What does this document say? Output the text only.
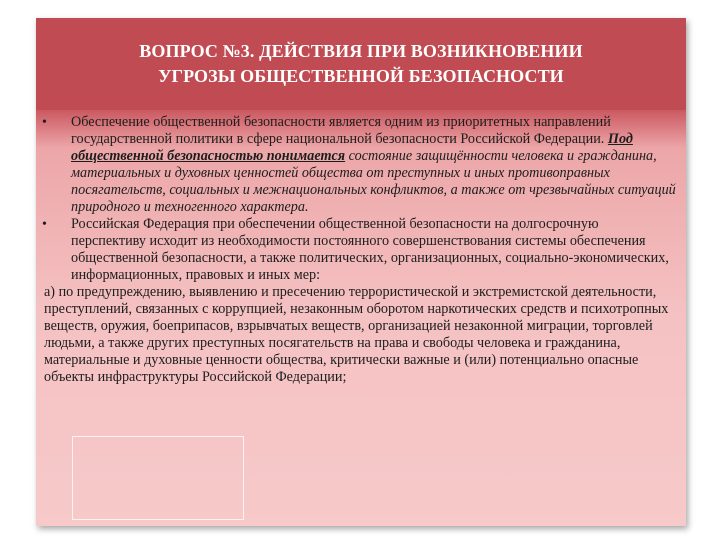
ВОПРОС №3. ДЕЙСТВИЯ ПРИ ВОЗНИКНОВЕНИИ
УГРОЗЫ ОБЩЕСТВЕННОЙ БЕЗОПАСНОСТИ

• Обеспечение общественной безопасности является одним из приоритетных направлений государственной политики в сфере национальной безопасности Российской Федерации. Под общественной безопасностью понимается состояние защищённости человека и гражданина, материальных и духовных ценностей общества от преступных и иных противоправных посягательств, социальных и межнациональных конфликтов, а также от чрезвычайных ситуаций природного и техногенного характера.

• Российская Федерация при обеспечении общественной безопасности на долгосрочную перспективу исходит из необходимости постоянного совершенствования системы обеспечения общественной безопасности, а также политических, организационных, социально-экономических, информационных, правовых и иных мер:

а) по предупреждению, выявлению и пресечению террористической и экстремистской деятельности, преступлений, связанных с коррупцией, незаконным оборотом наркотических средств и психотропных веществ, оружия, боеприпасов, взрывчатых веществ, организацией незаконной миграции, торговлей людьми, а также других преступных посягательств на права и свободы человека и гражданина, материальные и духовные ценности общества, критически важные и (или) потенциально опасные объекты инфраструктуры Российской Федерации;
